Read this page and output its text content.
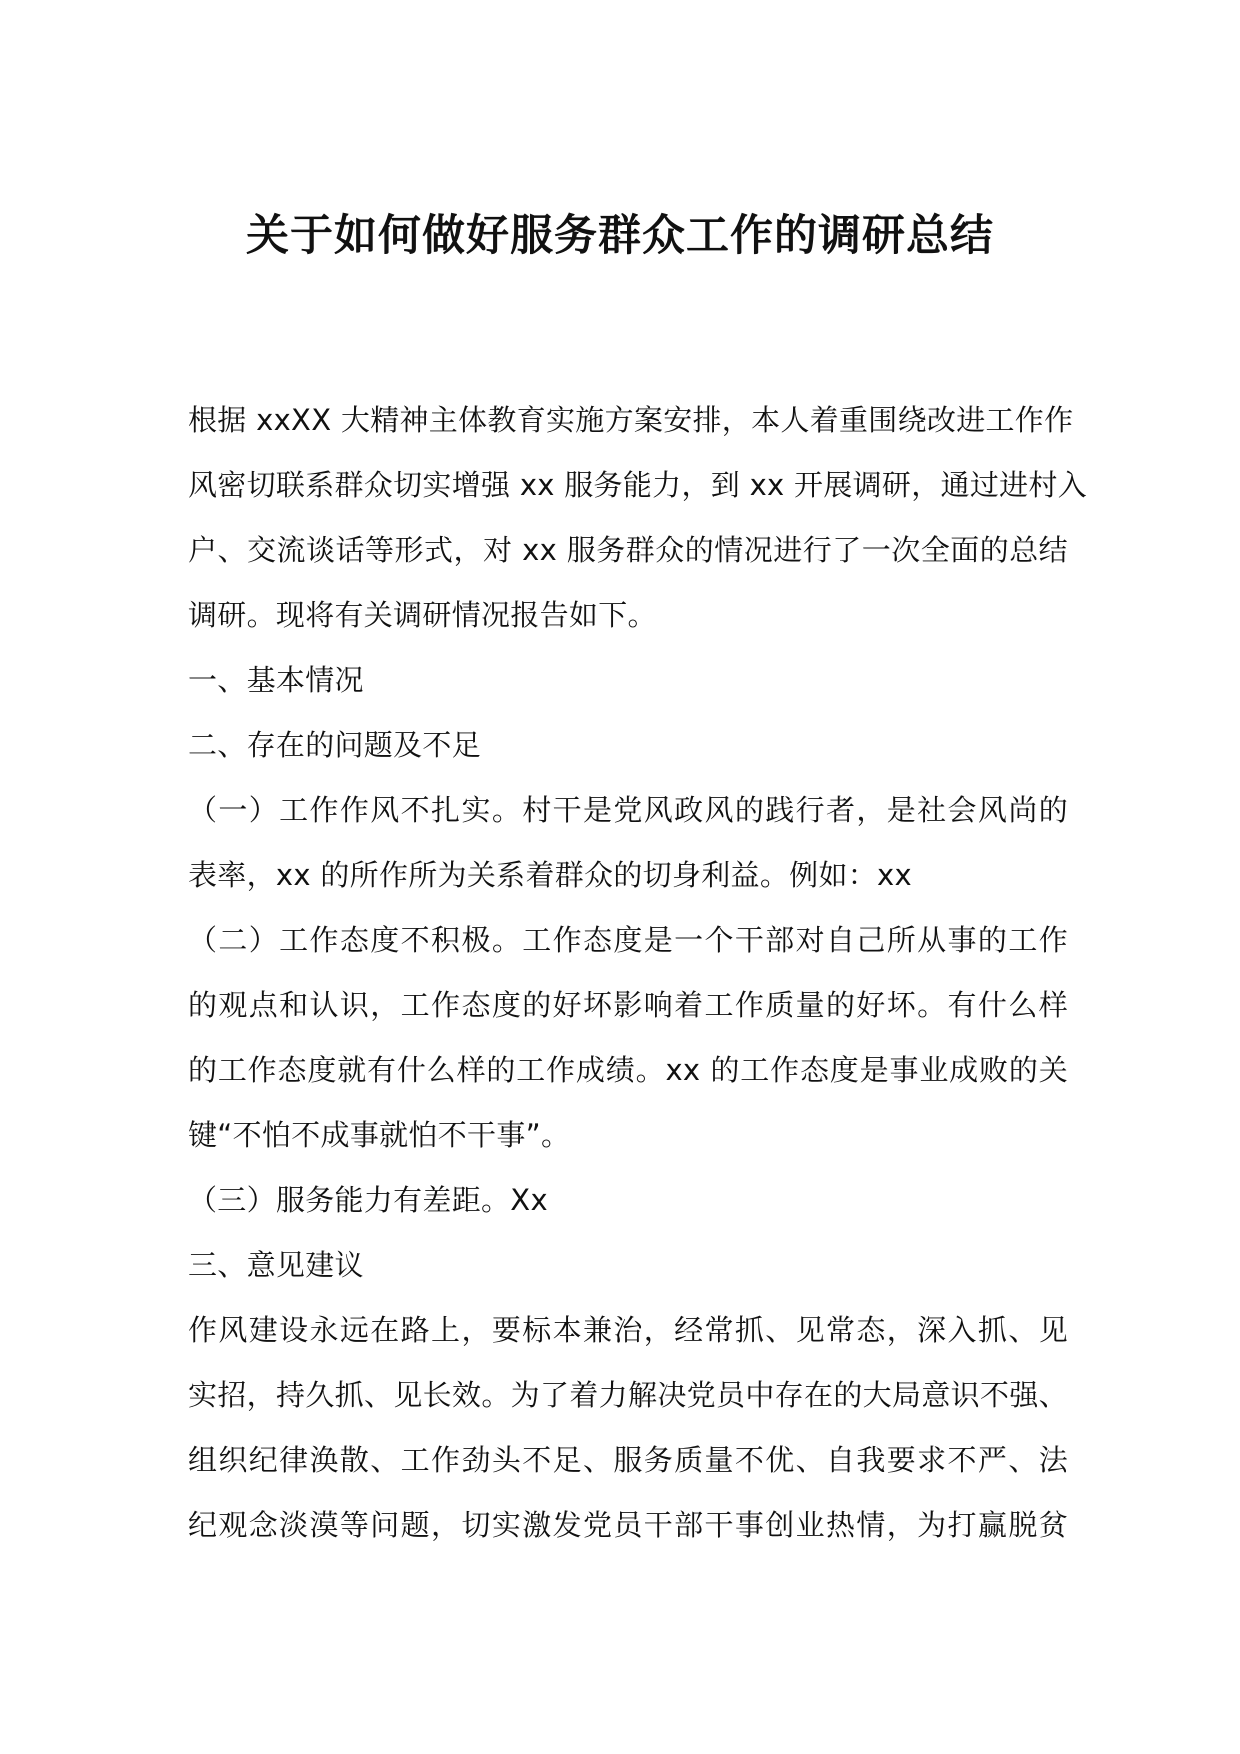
关于如何做好服务群众工作的调研总结
根据 xxXX 大精神主体教育实施方案安排，本人着重围绕改进工作作
风密切联系群众切实增强 xx 服务能力，到 xx 开展调研，通过进村入
户、交流谈话等形式，对 xx 服务群众的情况进行了一次全面的总结
调研。现将有关调研情况报告如下。
一、基本情况
二、存在的问题及不足
（一）工作作风不扎实。村干是党风政风的践行者，是社会风尚的
表率，xx 的所作所为关系着群众的切身利益。例如：xx
（二）工作态度不积极。工作态度是一个干部对自己所从事的工作
的观点和认识，工作态度的好坏影响着工作质量的好坏。有什么样
的工作态度就有什么样的工作成绩。xx 的工作态度是事业成败的关
键“不怕不成事就怕不干事”。
（三）服务能力有差距。Xx
三、意见建议
作风建设永远在路上，要标本兼治，经常抓、见常态，深入抓、见
实招，持久抓、见长效。为了着力解决党员中存在的大局意识不强、
组织纪律涣散、工作劲头不足、服务质量不优、自我要求不严、法
纪观念淡漠等问题，切实激发党员干部干事创业热情，为打赢脱贫
